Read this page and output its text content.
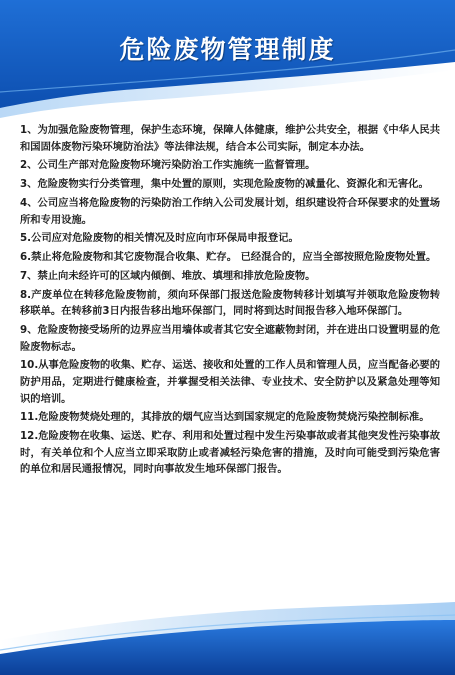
危险废物管理制度
1、为加强危险废物管理，保护生态环境，保障人体健康，维护公共安全，根据《中华人民共和国固体废物污染环境防治法》等法律法规，结合本公司实际，制定本办法。
2、公司生产部对危险废物环境污染防治工作实施统一监督管理。
3、危险废物实行分类管理，集中处置的原则，实现危险废物的减量化、资源化和无害化。
4、公司应当将危险废物的污染防治工作纳入公司发展计划，组织建设符合环保要求的处置场所和专用设施。
5.公司应对危险废物的相关情况及时应向市环保局申报登记。
6.禁止将危险废物和其它废物混合收集、贮存。 已经混合的，应当全部按照危险废物处置。
7、禁止向未经许可的区域内倾倒、堆放、填埋和排放危险废物。
8.产废单位在转移危险废物前，须向环保部门报送危险废物转移计划填写并领取危险废物转移联单。在转移前3日内报告移出地环保部门，同时将到达时间报告移入地环保部门。
9、危险废物接受场所的边界应当用墙体或者其它安全遮蔽物封闭，并在进出口设置明显的危险废物标志。
10.从事危险废物的收集、贮存、运送、接收和处置的工作人员和管理人员，应当配备必要的防护用品，定期进行健康检查，并掌握受相关法律、专业技术、安全防护以及紧急处理等知识的培训。
11.危险废物焚烧处理的，其排放的烟气应当达到国家规定的危险废物焚烧污染控制标准。
12.危险废物在收集、运送、贮存、利用和处置过程中发生污染事故或者其他突发性污染事故时，有关单位和个人应当立即采取防止或者减轻污染危害的措施，及时向可能受到污染危害的单位和居民通报情况，同时向事故发生地环保部门报告。
